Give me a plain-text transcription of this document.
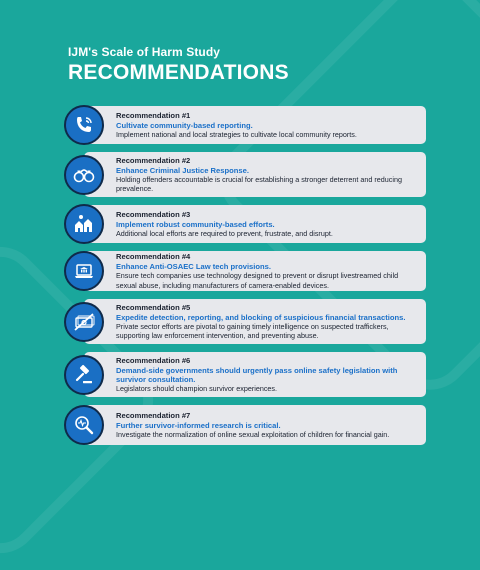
IJM's Scale of Harm Study
RECOMMENDATIONS
Recommendation #1
Cultivate community-based reporting.
Implement national and local strategies to cultivate local community reports.
Recommendation #2
Enhance Criminal Justice Response.
Holding offenders accountable is crucial for establishing a stronger deterrent and reducing prevalence.
Recommendation #3
Implement robust community-based efforts.
Additional local efforts are required to prevent, frustrate, and disrupt.
Recommendation #4
Enhance Anti-OSAEC Law tech provisions.
Ensure tech companies use technology designed to prevent or disrupt livestreamed child sexual abuse, including manufacturers of camera-enabled devices.
Recommendation #5
Expedite detection, reporting, and blocking of suspicious financial transactions.
Private sector efforts are pivotal to gaining timely intelligence on suspected traffickers, supporting law enforcement intervention, and preventing abuse.
Recommendation #6
Demand-side governments should urgently pass online safety legislation with survivor consultation.
Legislators should champion survivor experiences.
Recommendation #7
Further survivor-informed research is critical.
Investigate the normalization of online sexual exploitation of children for financial gain.
